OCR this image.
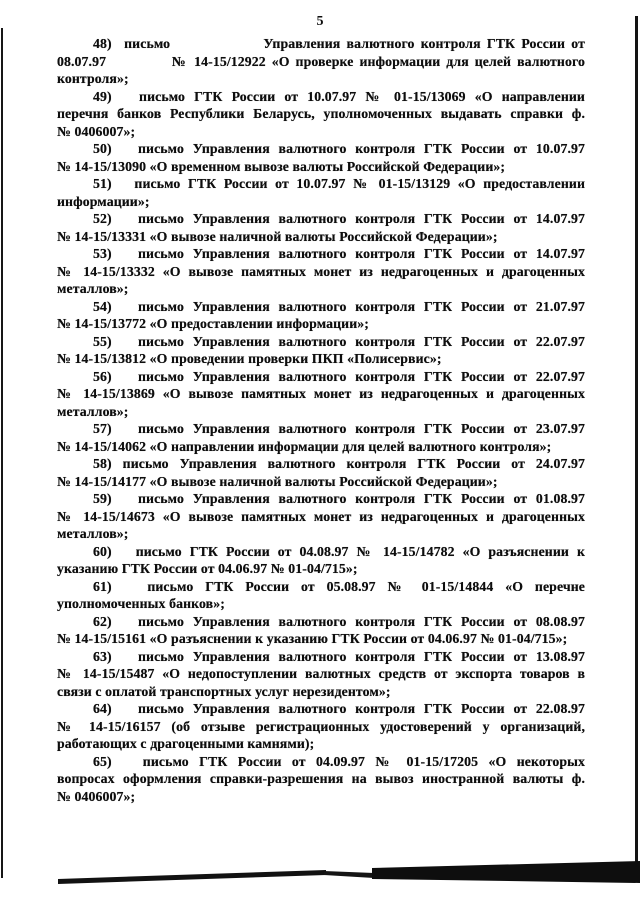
5
48)  письмо               Управления валютного контроля ГТК России от
08.07.97           № 14-15/12922 «О проверке информации для целей валютного
контроля»;
49)   письмо ГТК России от 10.07.97 № 01-15/13069 «О направлении
перечня банков Республики Беларусь, уполномоченных выдавать справки ф.
№ 0406007»;
50)   письмо Управления валютного контроля ГТК России от 10.07.97
№ 14-15/13090 «О временном вывозе валюты Российской Федерации»;
51)   письмо ГТК России от 10.07.97 № 01-15/13129 «О предоставлении
информации»;
52)   письмо Управления валютного контроля ГТК России от 14.07.97
№ 14-15/13331 «О вывозе наличной валюты Российской Федерации»;
53)   письмо Управления валютного контроля ГТК России от 14.07.97
№ 14-15/13332 «О вывозе памятных монет из недрагоценных и драгоценных
металлов»;
54)   письмо Управления валютного контроля ГТК России от 21.07.97
№ 14-15/13772 «О предоставлении информации»;
55)   письмо Управления валютного контроля ГТК России от 22.07.97
№ 14-15/13812 «О проведении проверки ПКП «Полисервис»;
56)   письмо Управления валютного контроля ГТК России от 22.07.97
№ 14-15/13869 «О вывозе памятных монет из недрагоценных и драгоценных
металлов»;
57)   письмо Управления валютного контроля ГТК России от 23.07.97
№ 14-15/14062 «О направлении информации для целей валютного контроля»;
58) письмо Управления валютного контроля ГТК России от 24.07.97
№ 14-15/14177 «О вывозе наличной валюты Российской Федерации»;
59)   письмо Управления валютного контроля ГТК России от 01.08.97
№ 14-15/14673 «О вывозе памятных монет из недрагоценных и драгоценных
металлов»;
60)   письмо ГТК России от 04.08.97 № 14-15/14782 «О разъяснении к
указанию ГТК России от 04.06.97 № 01-04/715»;
61)   письмо ГТК России от 05.08.97 № 01-15/14844 «О перечне
уполномоченных банков»;
62)   письмо Управления валютного контроля ГТК России от 08.08.97
№ 14-15/15161 «О разъяснении к указанию ГТК России от 04.06.97 № 01-04/715»;
63)   письмо Управления валютного контроля ГТК России от 13.08.97
№ 14-15/15487 «О недопоступлении валютных средств от экспорта товаров в
связи с оплатой транспортных услуг нерезидентом»;
64)   письмо Управления валютного контроля ГТК России от 22.08.97
№ 14-15/16157 (об отзыве регистрационных удостоверений у организаций,
работающих с драгоценными камнями);
65)   письмо ГТК России от 04.09.97 № 01-15/17205 «О некоторых
вопросах оформления справки-разрешения на вывоз иностранной валюты ф.
№ 0406007»;
